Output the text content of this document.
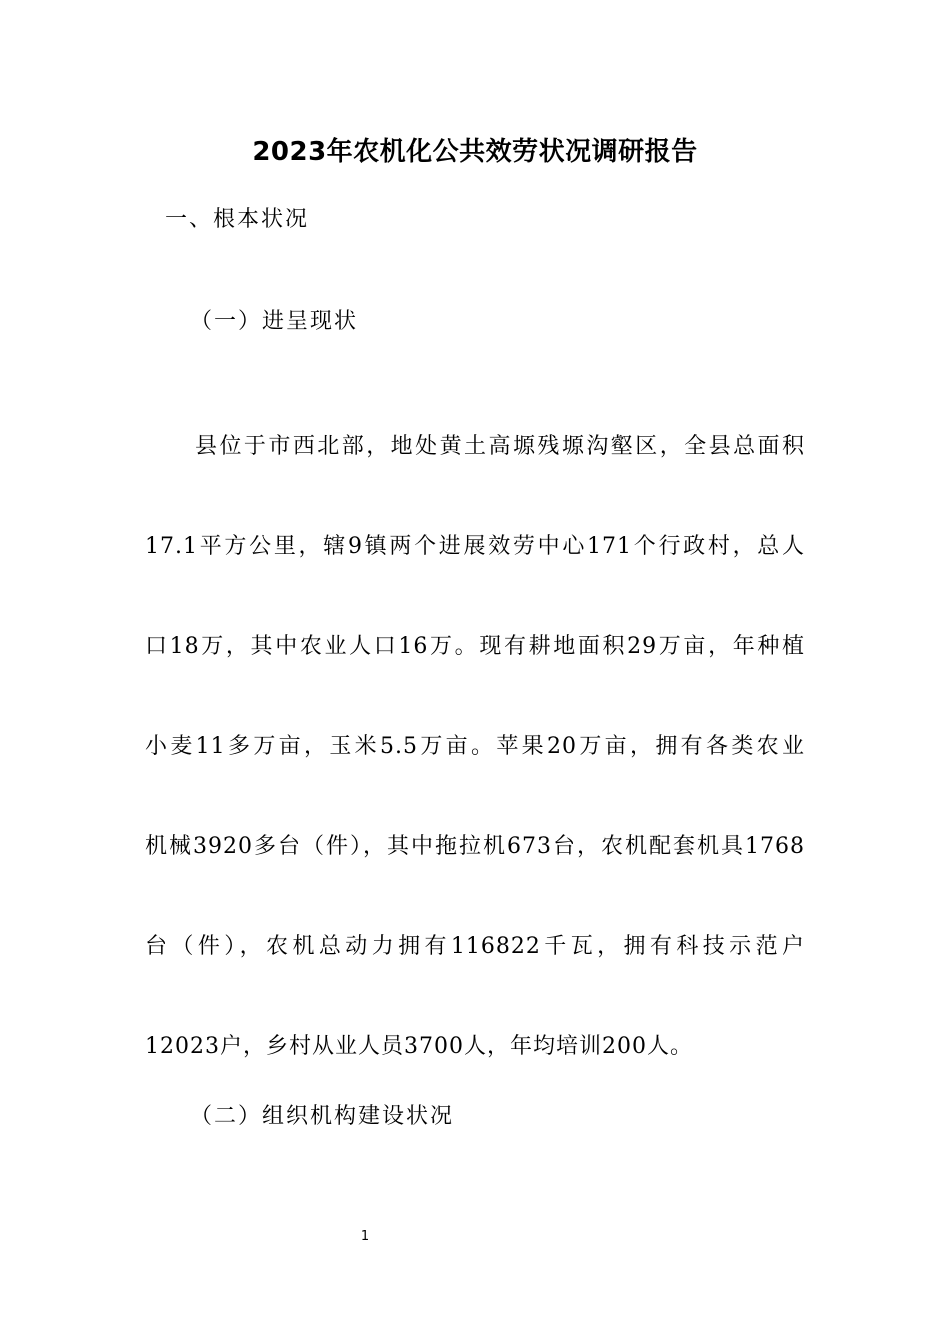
2023年农机化公共效劳状况调研报告
一、根本状况
（一）进呈现状
县位于市西北部，地处黄土高塬残塬沟壑区，全县总面积
17.1平方公里，辖9镇两个进展效劳中心171个行政村，总人
口18万，其中农业人口16万。现有耕地面积29万亩，年种植
小麦11多万亩，玉米5.5万亩。苹果20万亩，拥有各类农业
机械3920多台（件），其中拖拉机673台，农机配套机具1768
台（件），农机总动力拥有116822千瓦，拥有科技示范户
12023户，乡村从业人员3700人，年均培训200人。
（二）组织机构建设状况
1
